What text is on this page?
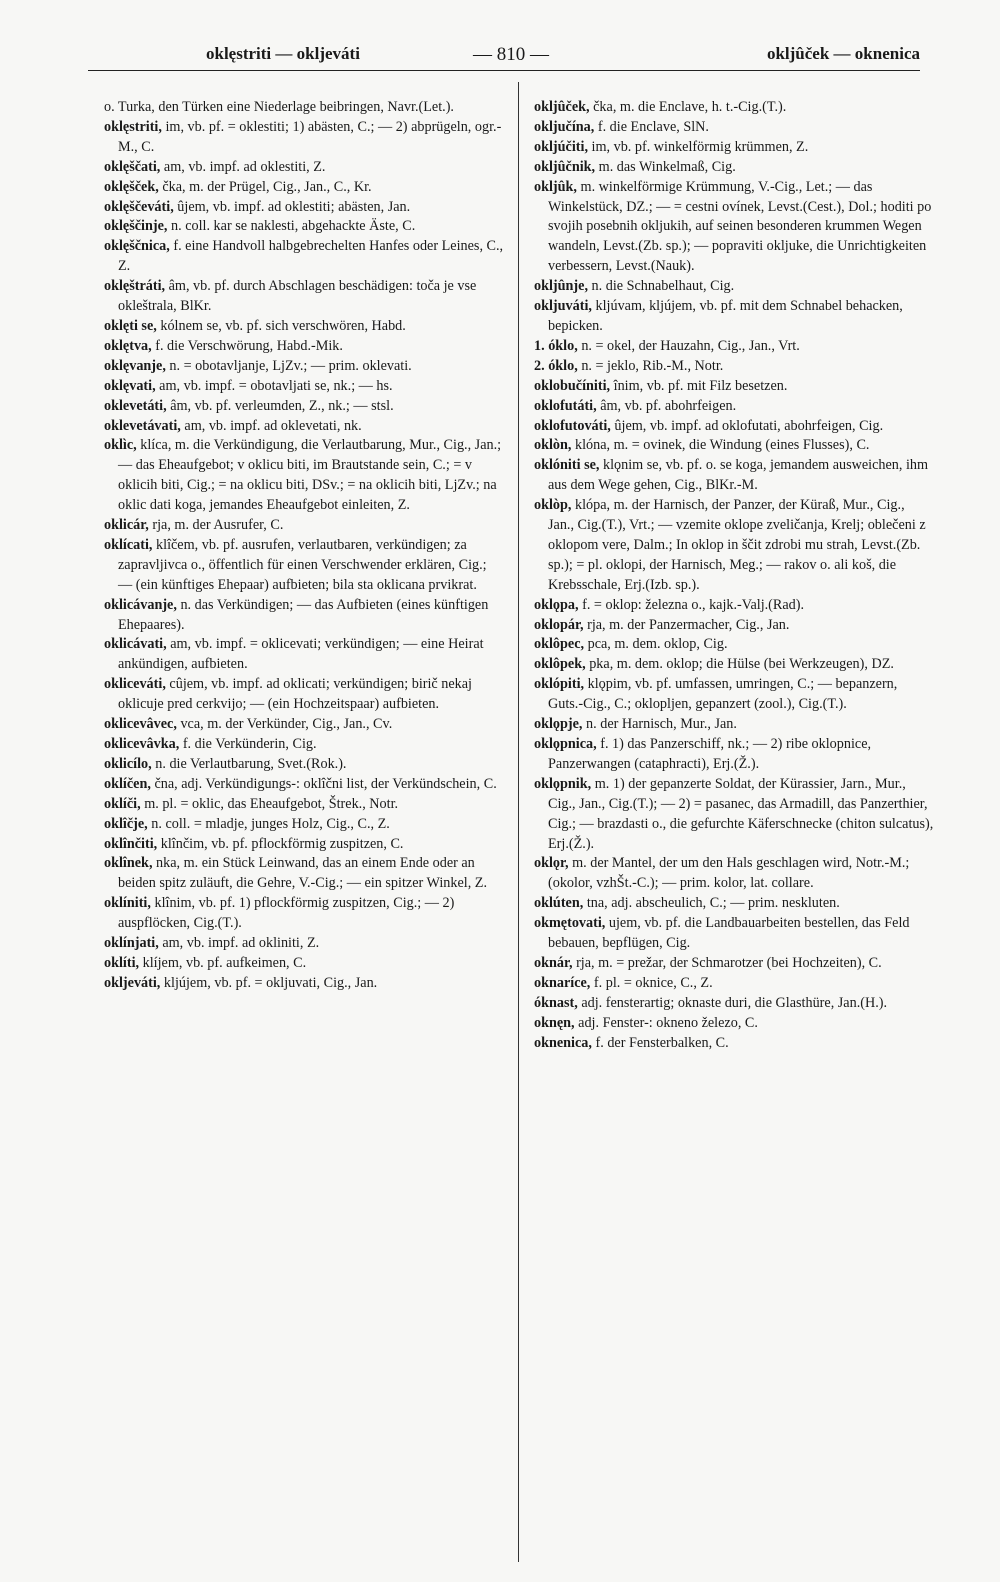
oklęstriti — okljeváti	— 810 —	okljûček — oknenica

o. Turka, den Türken eine Niederlage beibringen, Navr.(Let.).

oklęstriti, im, vb. pf. = oklestiti; 1) abästen, C.; — 2) abprügeln, ogr.-M., C.

oklęščati, am, vb. impf. ad oklestiti, Z.

oklęšček, čka, m. der Prügel, Cig., Jan., C., Kr.

oklęščeváti, ûjem, vb. impf. ad oklestiti; abästen, Jan.

oklęščinje, n. coll. kar se naklesti, abgehackte Äste, C.

oklęščnica, f. eine Handvoll halbgebrechelten Hanfes oder Leines, C., Z.

oklęštráti, âm, vb. pf. durch Abschlagen beschädigen: toča je vse okleštrala, BlKr.

oklęti se, kólnem se, vb. pf. sich verschwören, Habd.

oklętva, f. die Verschwörung, Habd.-Mik.

oklęvanje, n. = obotavljanje, LjZv.; — prim. oklevati.

oklęvati, am, vb. impf. = obotavljati se, nk.; — hs.

oklevetáti, âm, vb. pf. verleumden, Z., nk.; — stsl.

oklevetávati, am, vb. impf. ad oklevetati, nk.

oklìc, klíca, m. die Verkündigung, die Verlautbarung, Mur., Cig., Jan.; — das Eheaufgebot; v oklicu biti, im Brautstande sein, C.; = v oklicih biti, Cig.; = na oklicu biti, DSv.; = na oklicih biti, LjZv.; na oklic dati koga, jemandes Eheaufgebot einleiten, Z.

oklicár, rja, m. der Ausrufer, C.

oklícati, klîčem, vb. pf. ausrufen, verlautbaren, verkündigen; za zapravljivca o., öffentlich für einen Verschwender erklären, Cig.; — (ein künftiges Ehepaar) aufbieten; bila sta oklicana prvikrat.

oklicávanje, n. das Verkündigen; — das Aufbieten (eines künftigen Ehepaares).

oklicávati, am, vb. impf. = oklicevati; verkündigen; — eine Heirat ankündigen, aufbieten.

oklicеváti, cûjem, vb. impf. ad oklicati; verkündigen; birič nekaj oklicuje pred cerkvijo; — (ein Hochzeitspaar) aufbieten.

oklicevâvec, vca, m. der Verkünder, Cig., Jan., Cv.

oklicevâvka, f. die Verkünderin, Cig.

oklicílo, n. die Verlautbarung, Svet.(Rok.).

oklíčen, čna, adj. Verkündigungs-: oklîčni list, der Verkündschein, C.

oklíči, m. pl. = oklic, das Eheaufgebot, Štrek., Notr.

oklîčje, n. coll. = mladje, junges Holz, Cig., C., Z.

oklînčiti, klînčim, vb. pf. pflockförmig zuspitzen, C.

oklînek, nka, m. ein Stück Leinwand, das an einem Ende oder an beiden spitz zuläuft, die Gehre, V.-Cig.; — ein spitzer Winkel, Z.

oklíniti, klînim, vb. pf. 1) pflockförmig zuspitzen, Cig.; — 2) auspflöcken, Cig.(T.).

oklínjati, am, vb. impf. ad okliniti, Z.

oklíti, klíjem, vb. pf. aufkeimen, C.

okljeváti, kljújem, vb. pf. = okljuvati, Cig., Jan.

okljûček, čka, m. die Enclave, h. t.-Cig.(T.).

oključína, f. die Enclave, SlN.

okljúčiti, im, vb. pf. winkelförmig krümmen, Z.

okljûčnik, m. das Winkelmaß, Cig.

okljûk, m. winkelförmige Krümmung, V.-Cig., Let.; — das Winkelstück, DZ.; — = cestni ovínek, Levst.(Cest.), Dol.; hoditi po svojih posebnih okljukih, auf seinen besonderen krummen Wegen wandeln, Levst.(Zb. sp.); — popraviti okljuke, die Unrichtigkeiten verbessern, Levst.(Nauk).

okljûnje, n. die Schnabelhaut, Cig.

okljuváti, kljúvam, kljújem, vb. pf. mit dem Schnabel behacken, bepicken.

1. óklo, n. = okel, der Hauzahn, Cig., Jan., Vrt.

2. óklo, n. = jeklo, Rib.-M., Notr.

oklobučíniti, înim, vb. pf. mit Filz besetzen.

oklofutáti, âm, vb. pf. abohrfeigen.

oklofutováti, ûjem, vb. impf. ad oklofutati, abohrfeigen, Cig.

oklòn, klóna, m. = ovinek, die Windung (eines Flusses), C.

oklóniti se, klǫnim se, vb. pf. o. se koga, jemandem ausweichen, ihm aus dem Wege gehen, Cig., BlKr.-M.

oklòp, klópa, m. der Harnisch, der Panzer, der Küraß, Mur., Cig., Jan., Cig.(T.), Vrt.; — vzemite oklope zveličanja, Krelj; oblečeni z oklopom vere, Dalm.; In oklop in ščit zdrobi mu strah, Levst.(Zb. sp.); = pl. oklopi, der Harnisch, Meg.; — rakov o. ali koš, die Krebsschale, Erj.(Izb. sp.).

oklǫpa, f. = oklop: železna o., kajk.-Valj.(Rad).

oklopár, rja, m. der Panzermacher, Cig., Jan.

oklôpec, pca, m. dem. oklop, Cig.

oklôpek, pka, m. dem. oklop; die Hülse (bei Werkzeugen), DZ.

oklópiti, klǫpim, vb. pf. umfassen, umringen, C.; — bepanzern, Guts.-Cig., C.; oklopljen, gepanzert (zool.), Cig.(T.).

oklǫpje, n. der Harnisch, Mur., Jan.

oklǫpnica, f. 1) das Panzerschiff, nk.; — 2) ribe oklopnice, Panzerwangen (cataphracti), Erj.(Ž.).

oklǫpnik, m. 1) der gepanzerte Soldat, der Kürassier, Jarn., Mur., Cig., Jan., Cig.(T.); — 2) = pasanec, das Armadill, das Panzerthier, Cig.; — brazdasti o., die gefurchte Käferschnecke (chiton sulcatus), Erj.(Ž.).

oklǫr, m. der Mantel, der um den Hals geschlagen wird, Notr.-M.; (okolor, vzhŠt.-C.); — prim. kolor, lat. collare.

oklúten, tna, adj. abscheulich, C.; — prim. neskluten.

okmętovati, ujem, vb. pf. die Landbauarbeiten bestellen, das Feld bebauen, bepflügen, Cig.

oknár, rja, m. = prežar, der Schmarotzer (bei Hochzeiten), C.

oknaríce, f. pl. = oknice, C., Z.

óknast, adj. fensterartig; oknaste duri, die Glasthüre, Jan.(H.).

oknęn, adj. Fenster-: okneno železo, C.

oknenica, f. der Fensterbalken, C.
